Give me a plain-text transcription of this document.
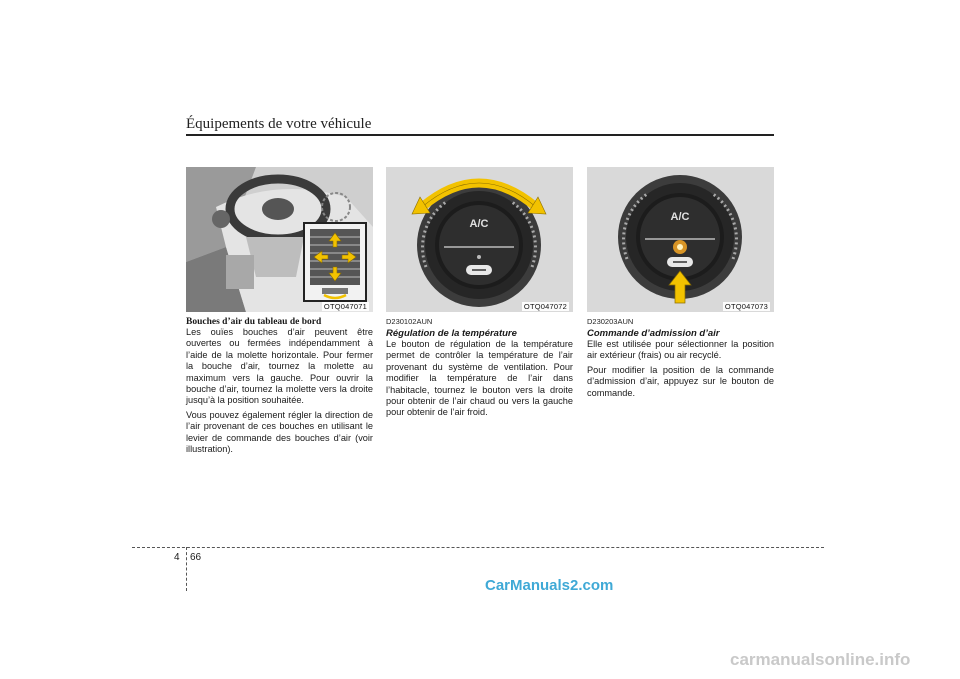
Équipements de votre véhicule
OTQ047071
Bouches d’air du tableau de bord

Les ouïes bouches d’air peuvent être ouvertes ou fermées indépendamment à l’aide de la molette horizontale. Pour fermer la bouche d’air, tournez la molette au maximum vers la gauche. Pour ouvrir la bouche d’air, tournez la molette vers la droite jusqu’à la position souhaitée.

Vous pouvez également régler la direction de l’air provenant de ces bouches en utilisant le levier de commande des bouches d’air (voir illustration).

A/C
OTQ047072
D230102AUN
Régulation de la température

Le bouton de régulation de la température permet de contrôler la température de l’air provenant du système de ventilation. Pour modifier la température de l’air dans l’habitacle, tournez le bouton vers la droite pour obtenir de l’air chaud ou vers la gauche pour obtenir de l’air froid.

A/C
OTQ047073
D230203AUN
Commande d’admission d’air

Elle est utilisée pour sélectionner la position air extérieur (frais) ou air recyclé.

Pour modifier la position de la commande d’admission d’air, appuyez sur le bouton de commande.

4 66
CarManuals2.com
carmanualsonline.info
